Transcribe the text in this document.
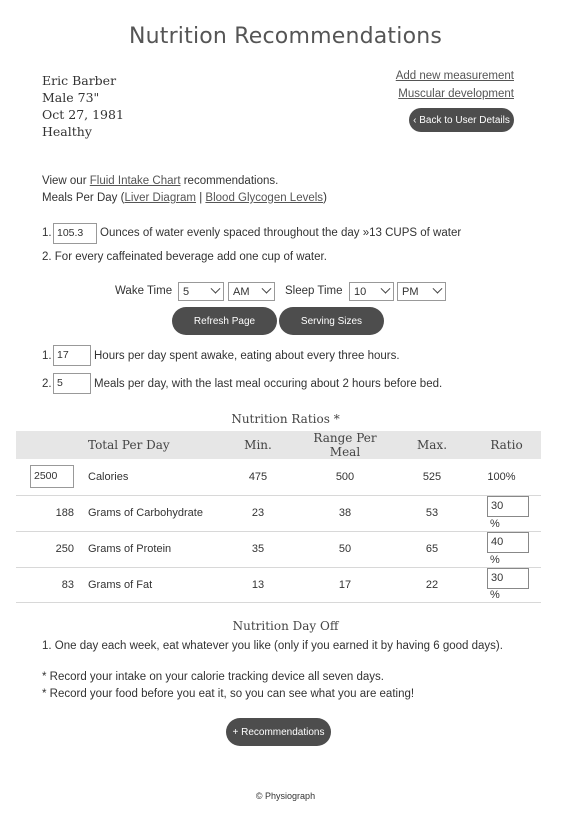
Nutrition Recommendations
Eric Barber
Male 73"
Oct 27, 1981
Healthy
Add new measurement
Muscular development
‹ Back to User Details
View our Fluid Intake Chart recommendations.
Meals Per Day (Liver Diagram | Blood Glycogen Levels)
1. 105.3	Ounces of water evenly spaced throughout the day »13 CUPS of water
2. For every caffeinated beverage add one cup of water.
Wake Time 5	AM	Sleep Time 10	PM
Refresh Page	Serving Sizes
1. 17	Hours per day spent awake, eating about every three hours.
2. 5	Meals per day, with the last meal occuring about 2 hours before bed.
Nutrition Ratios *
	Total Per Day	Min.	Range Per Meal	Max.	Ratio

2500	Calories	475	500	525	100%
188	Grams of Carbohydrate	23	38	53	30%
250	Grams of Protein	35	50	65	40%
83	Grams of Fat	13	17	22	30%
Nutrition Day Off
1. One day each week, eat whatever you like (only if you earned it by having 6 good days).
* Record your intake on your calorie tracking device all seven days.
* Record your food before you eat it, so you can see what you are eating!
+ Recommendations
© Physiograph
